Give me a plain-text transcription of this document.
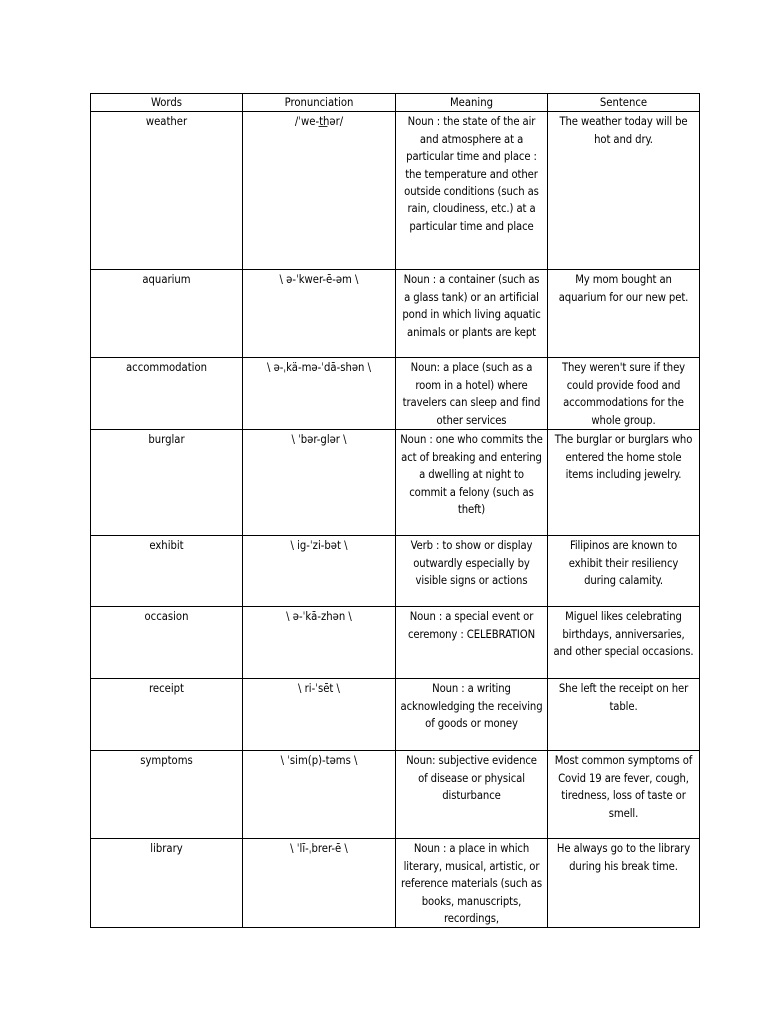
Words	Pronunciation	Meaning	Sentence
weather	/ˈwe-t͟hər/	Noun : the state of the air and atmosphere at a particular time and place : the temperature and other outside conditions (such as rain, cloudiness, etc.) at a particular time and place	The weather today will be hot and dry.
aquarium	\ ə-ˈkwer-ē-əm \	Noun : a container (such as a glass tank) or an artificial pond in which living aquatic animals or plants are kept	My mom bought an aquarium for our new pet.
accommodation	\ ə-ˌkä-mə-ˈdā-shən \	Noun: a place (such as a room in a hotel) where travelers can sleep and find other services	They weren't sure if they could provide food and accommodations for the whole group.
burglar	\ ˈbər-glər \	Noun : one who commits the act of breaking and entering a dwelling at night to commit a felony (such as theft)	The burglar or burglars who entered the home stole items including jewelry.
exhibit	\ ig-ˈzi-bət \	Verb : to show or display outwardly especially by visible signs or actions	Filipinos are known to exhibit their resiliency during calamity.
occasion	\ ə-ˈkā-zhən \	Noun : a special event or ceremony : CELEBRATION	Miguel likes celebrating birthdays, anniversaries, and other special occasions.
receipt	\ ri-ˈsēt \	Noun : a writing acknowledging the receiving of goods or money	She left the receipt on her table.
symptoms	\ ˈsim(p)-təms \	Noun: subjective evidence of disease or physical disturbance	Most common symptoms of Covid 19 are fever, cough, tiredness, loss of taste or smell.
library	\ ˈlī-ˌbrer-ē \	Noun : a place in which literary, musical, artistic, or reference materials (such as books, manuscripts, recordings,	He always go to the library during his break time.
